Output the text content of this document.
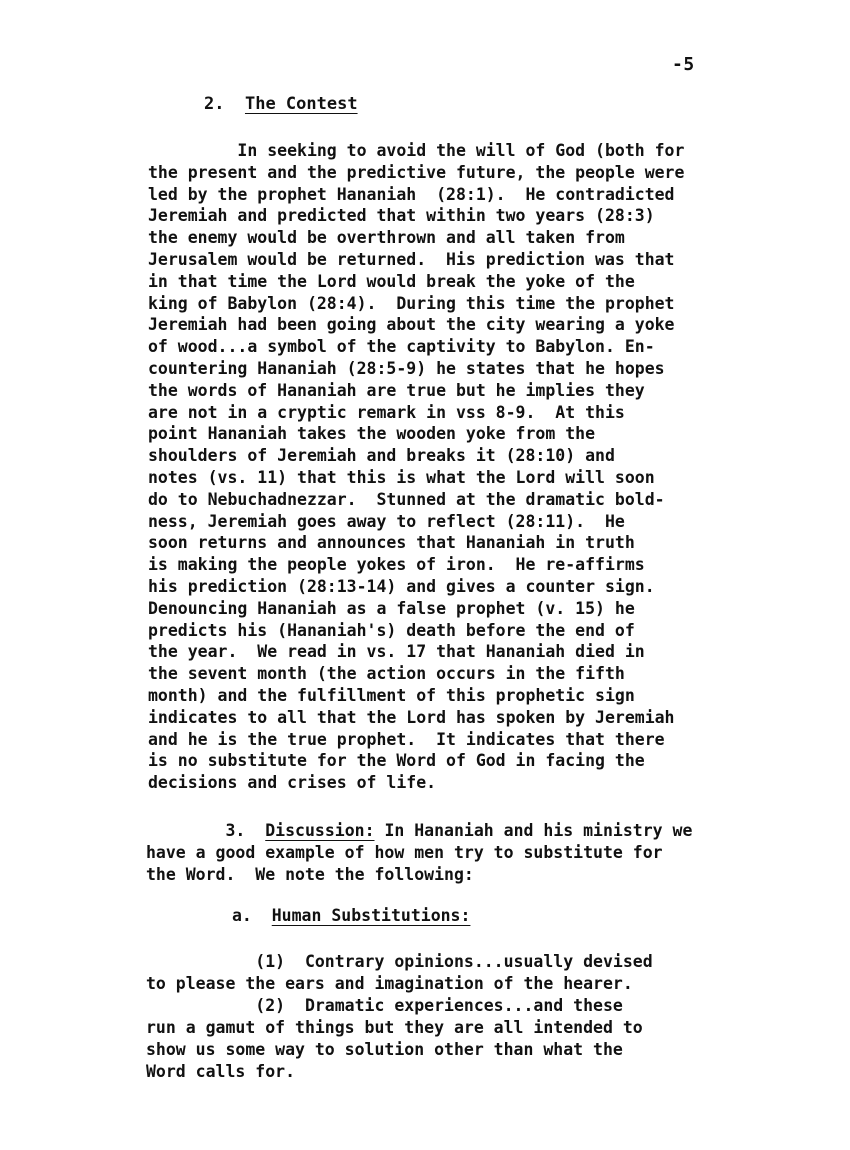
-5
2. The Contest
In seeking to avoid the will of God (both for
the present and the predictive future, the people were
led by the prophet Hananiah  (28:1).  He contradicted
Jeremiah and predicted that within two years (28:3)
the enemy would be overthrown and all taken from
Jerusalem would be returned.  His prediction was that
in that time the Lord would break the yoke of the
king of Babylon (28:4).  During this time the prophet
Jeremiah had been going about the city wearing a yoke
of wood...a symbol of the captivity to Babylon. En-
countering Hananiah (28:5-9) he states that he hopes
the words of Hananiah are true but he implies they
are not in a cryptic remark in vss 8-9.  At this
point Hananiah takes the wooden yoke from the
shoulders of Jeremiah and breaks it (28:10) and
notes (vs. 11) that this is what the Lord will soon
do to Nebuchadnezzar.  Stunned at the dramatic bold-
ness, Jeremiah goes away to reflect (28:11).  He
soon returns and announces that Hananiah in truth
is making the people yokes of iron.  He re-affirms
his prediction (28:13-14) and gives a counter sign.
Denouncing Hananiah as a false prophet (v. 15) he
predicts his (Hananiah's) death before the end of
the year.  We read in vs. 17 that Hananiah died in
the sevent month (the action occurs in the fifth
month) and the fulfillment of this prophetic sign
indicates to all that the Lord has spoken by Jeremiah
and he is the true prophet.  It indicates that there
is no substitute for the Word of God in facing the
decisions and crises of life.
3. Discussion: In Hananiah and his ministry we
have a good example of how men try to substitute for
the Word.  We note the following:
a. Human Substitutions:
(1)  Contrary opinions...usually devised
to please the ears and imagination of the hearer.
(2)  Dramatic experiences...and these
run a gamut of things but they are all intended to
show us some way to solution other than what the
Word calls for.
